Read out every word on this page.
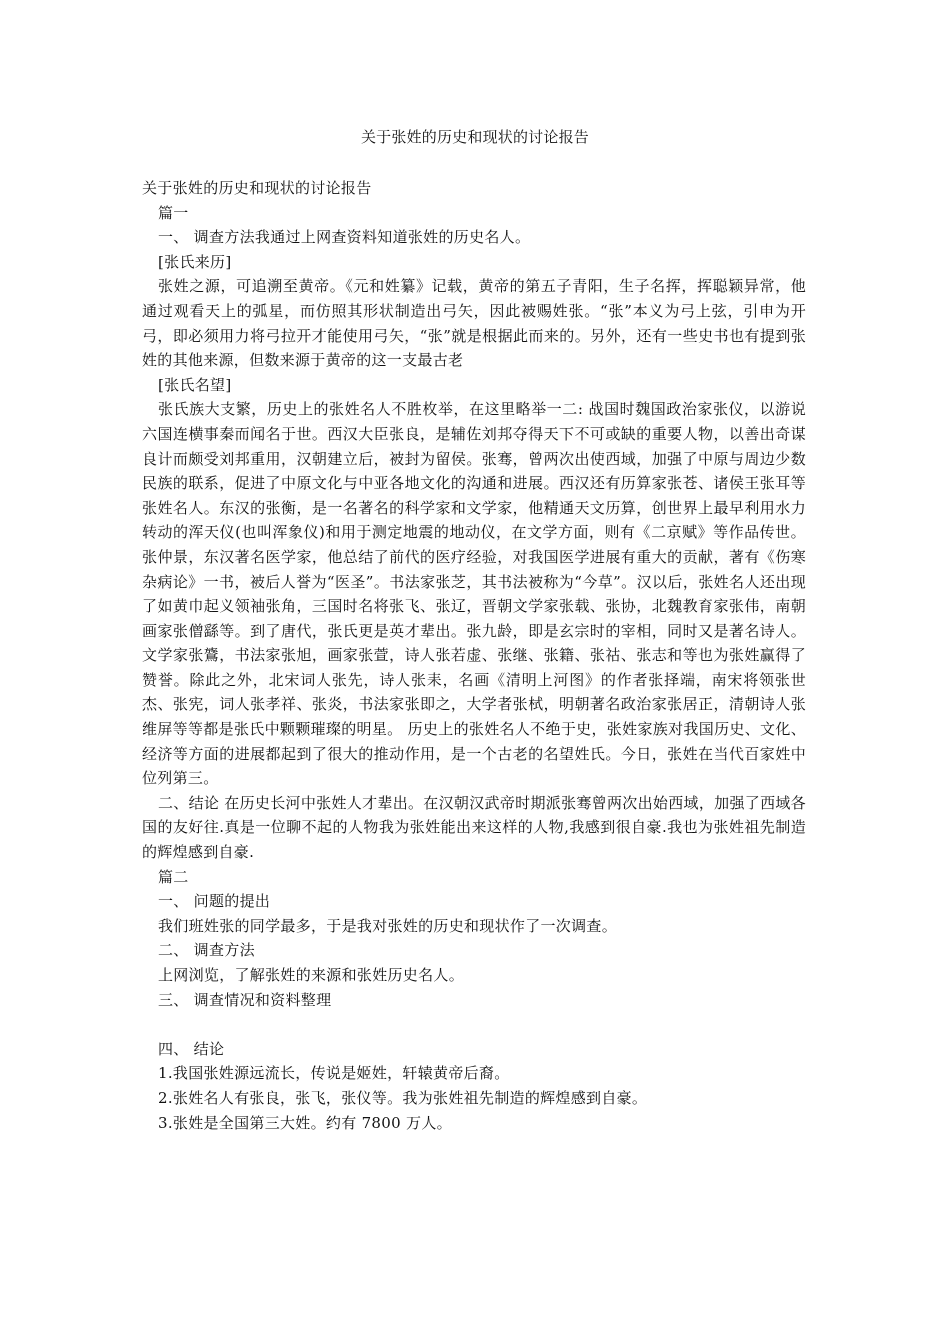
关于张姓的历史和现状的讨论报告

关于张姓的历史和现状的讨论报告

篇一

一、 调查方法我通过上网查资料知道张姓的历史名人。

[张氏来历]

张姓之源，可追溯至黄帝。《元和姓纂》记载，黄帝的第五子青阳，生子名挥，挥聪颖异常，他通过观看天上的弧星，而仿照其形状制造出弓矢，因此被赐姓张。“张”本义为弓上弦，引申为开弓，即必须用力将弓拉开才能使用弓矢，“张”就是根据此而来的。另外，还有一些史书也有提到张姓的其他来源，但数来源于黄帝的这一支最古老

[张氏名望]

张氏族大支繁，历史上的张姓名人不胜枚举，在这里略举一二: 战国时魏国政治家张仪，以游说六国连横事秦而闻名于世。西汉大臣张良，是辅佐刘邦夺得天下不可或缺的重要人物，以善出奇谋良计而颇受刘邦重用，汉朝建立后，被封为留侯。张骞，曾两次出使西域，加强了中原与周边少数民族的联系，促进了中原文化与中亚各地文化的沟通和进展。西汉还有历算家张苍、诸侯王张耳等张姓名人。东汉的张衡，是一名著名的科学家和文学家，他精通天文历算，创世界上最早利用水力转动的浑天仪(也叫浑象仪)和用于测定地震的地动仪，在文学方面，则有《二京赋》等作品传世。张仲景，东汉著名医学家，他总结了前代的医疗经验，对我国医学进展有重大的贡献，著有《伤寒杂病论》一书，被后人誉为“医圣”。书法家张芝，其书法被称为“今草”。汉以后，张姓名人还出现了如黄巾起义领袖张角，三国时名将张飞、张辽，晋朝文学家张载、张协，北魏教育家张伟，南朝画家张僧繇等。到了唐代，张氏更是英才辈出。张九龄，即是玄宗时的宰相，同时又是著名诗人。文学家张鷟，书法家张旭，画家张萱，诗人张若虚、张继、张籍、张祜、张志和等也为张姓赢得了赞誉。除此之外，北宋词人张先，诗人张耒，名画《清明上河图》的作者张择端，南宋将领张世杰、张宪，词人张孝祥、张炎，书法家张即之，大学者张栻，明朝著名政治家张居正，清朝诗人张维屏等等都是张氏中颗颗璀璨的明星。 历史上的张姓名人不绝于史，张姓家族对我国历史、文化、经济等方面的进展都起到了很大的推动作用，是一个古老的名望姓氏。今日，张姓在当代百家姓中位列第三。

二、结论 在历史长河中张姓人才辈出。在汉朝汉武帝时期派张骞曾两次出始西域，加强了西域各国的友好往.真是一位聊不起的人物我为张姓能出来这样的人物,我感到很自豪.我也为张姓祖先制造的辉煌感到自豪.

篇二

一、 问题的提出

我们班姓张的同学最多，于是我对张姓的历史和现状作了一次调查。

二、 调查方法

上网浏览，了解张姓的来源和张姓历史名人。

三、 调查情况和资料整理

四、 结论

1.我国张姓源远流长，传说是姬姓，轩辕黄帝后裔。

2.张姓名人有张良，张飞，张仪等。我为张姓祖先制造的辉煌感到自豪。

3.张姓是全国第三大姓。约有 7800 万人。
